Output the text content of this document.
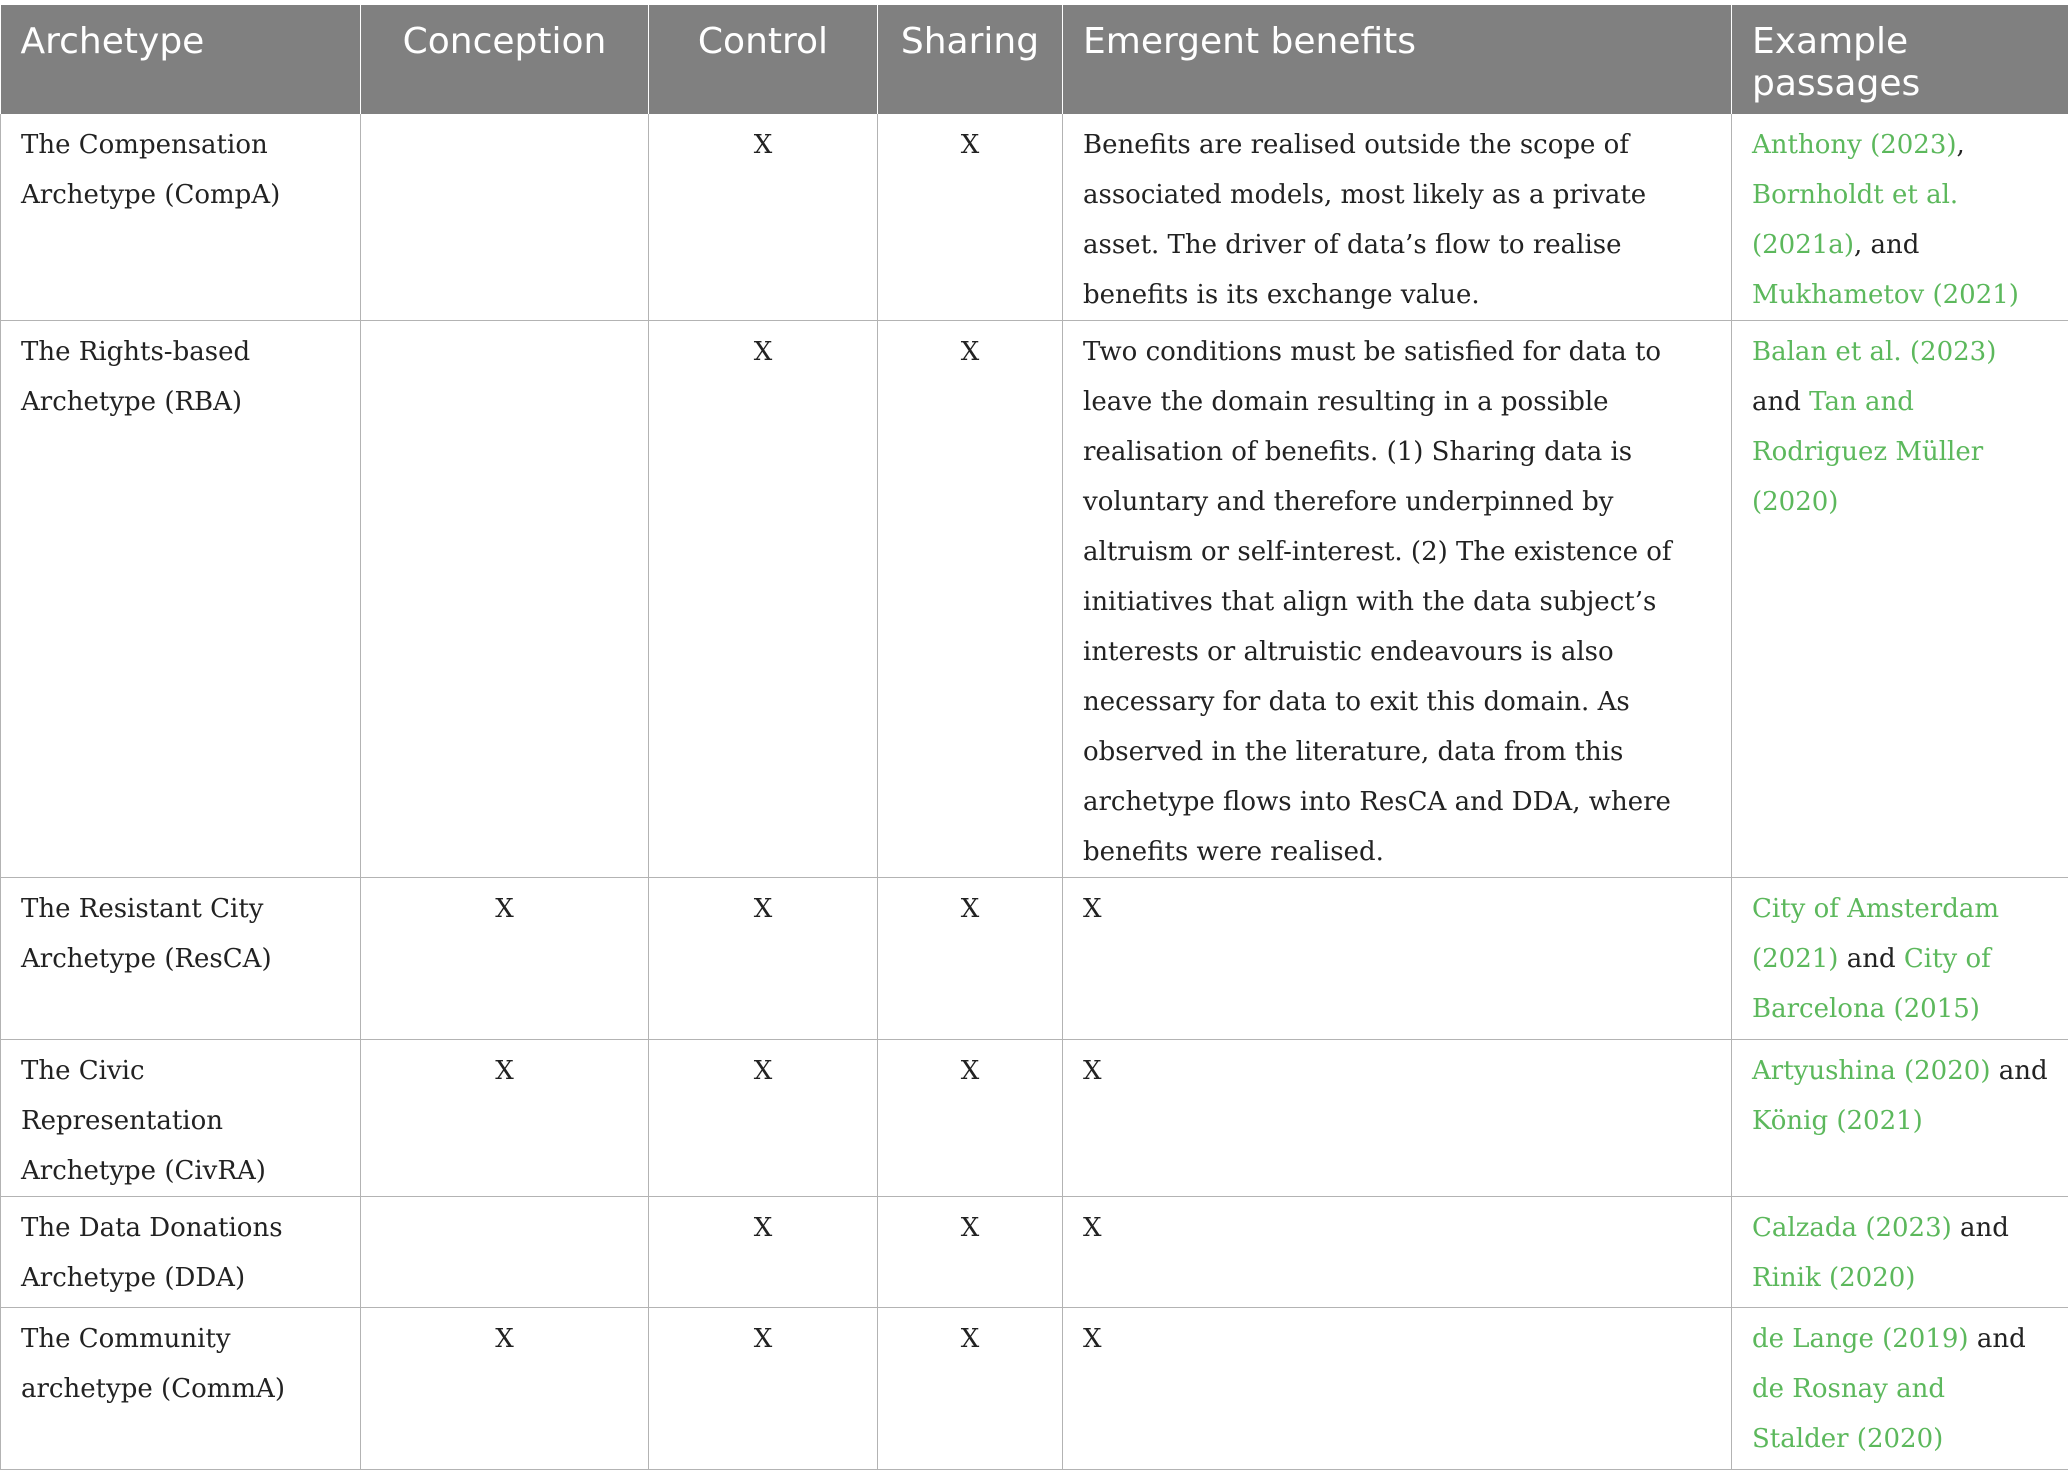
Archetype	Conception	Control	Sharing	Emergent benefits	Example passages
The Compensation Archetype (CompA)		X	X	Benefits are realised outside the scope of associated models, most likely as a private asset. The driver of data’s flow to realise benefits is its exchange value.	Anthony (2023), Bornholdt et al. (2021a), and Mukhametov (2021)
The Rights-based Archetype (RBA)		X	X	Two conditions must be satisfied for data to leave the domain resulting in a possible realisation of benefits. (1) Sharing data is voluntary and therefore underpinned by altruism or self-interest. (2) The existence of initiatives that align with the data subject’s interests or altruistic endeavours is also necessary for data to exit this domain. As observed in the literature, data from this archetype flows into ResCA and DDA, where benefits were realised.	Balan et al. (2023) and Tan and Rodriguez Müller (2020)
The Resistant City Archetype (ResCA)	X	X	X	X	City of Amsterdam (2021) and City of Barcelona (2015)
The Civic Representation Archetype (CivRA)	X	X	X	X	Artyushina (2020) and König (2021)
The Data Donations Archetype (DDA)		X	X	X	Calzada (2023) and Rinik (2020)
The Community archetype (CommA)	X	X	X	X	de Lange (2019) and de Rosnay and Stalder (2020)
